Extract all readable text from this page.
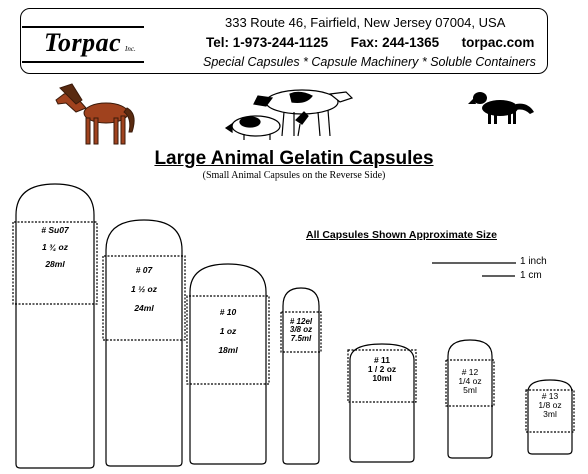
Torpac Inc.
333 Route 46, Fairfield, New Jersey 07004, USA
Tel: 1-973-244-1125      Fax: 244-1365      torpac.com
Special Capsules * Capsule Machinery * Soluble Containers
Large Animal Gelatin Capsules
(Small Animal Capsules on the Reverse Side)
All Capsules Shown Approximate Size
1 inch
1 cm
# Su07
1 ¾ oz
28ml
# 07
1 ½ oz
24ml	# 10
1 oz
18ml
# 12el
3/8 oz
7.5ml
# 11
1 / 2 oz
10ml
# 12
1/4 oz
5ml
# 13
1/8 oz
3ml
